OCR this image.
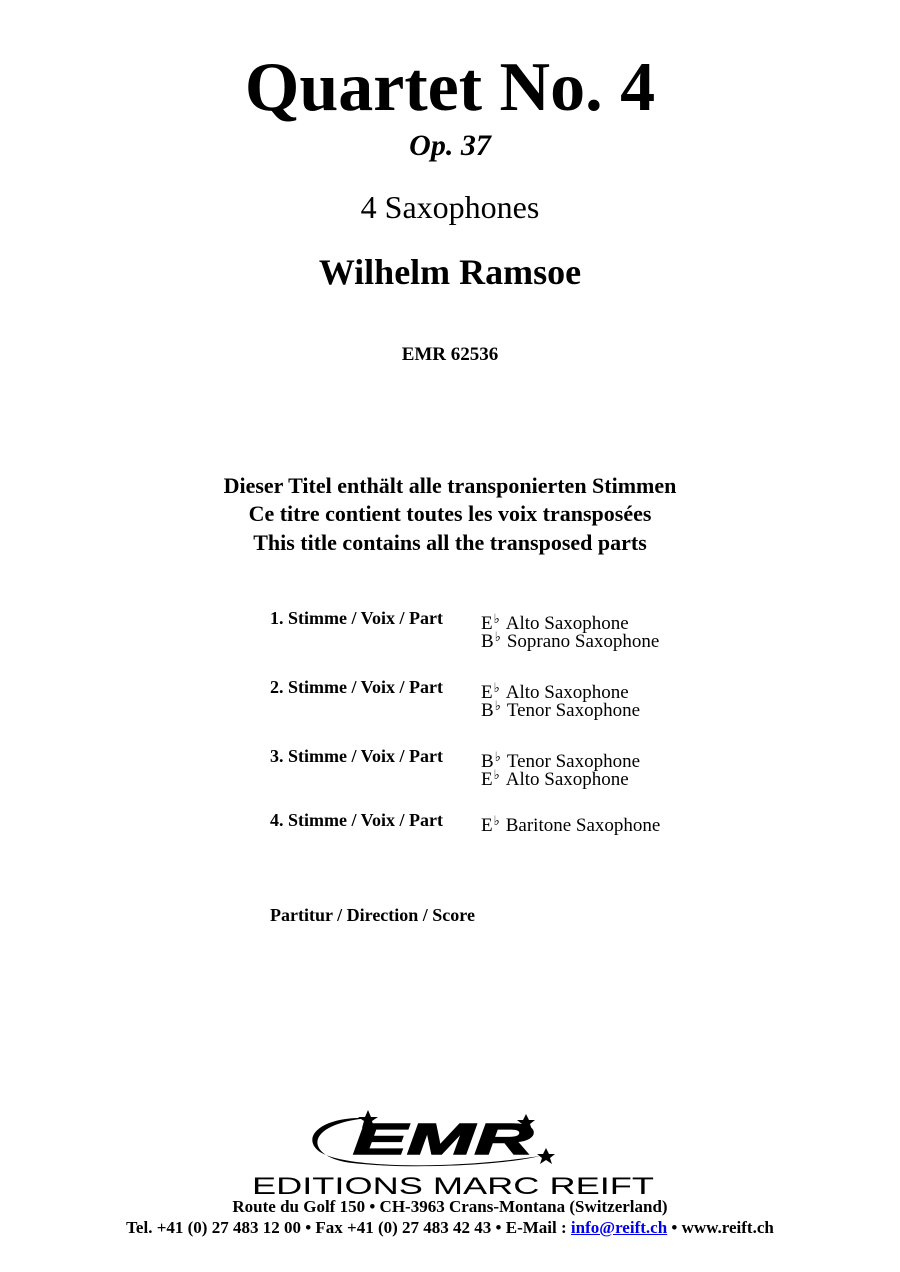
Quartet No. 4
Op. 37
4 Saxophones
Wilhelm Ramsoe
EMR 62536
Dieser Titel enthält alle transponierten Stimmen
Ce titre contient toutes les voix transposées
This title contains all the transposed parts
1. Stimme / Voix / Part E♭ Alto Saxophone
B♭ Soprano Saxophone
2. Stimme / Voix / Part E♭ Alto Saxophone
B♭ Tenor Saxophone
3. Stimme / Voix / Part B♭ Tenor Saxophone
E♭ Alto Saxophone
4. Stimme / Voix / Part E♭ Baritone Saxophone
Partitur / Direction / Score
EMR
EDITIONS MARC REIFT
Route du Golf 150 • CH-3963 Crans-Montana (Switzerland)
Tel. +41 (0) 27 483 12 00 • Fax +41 (0) 27 483 42 43 • E-Mail : info@reift.ch • www.reift.ch
